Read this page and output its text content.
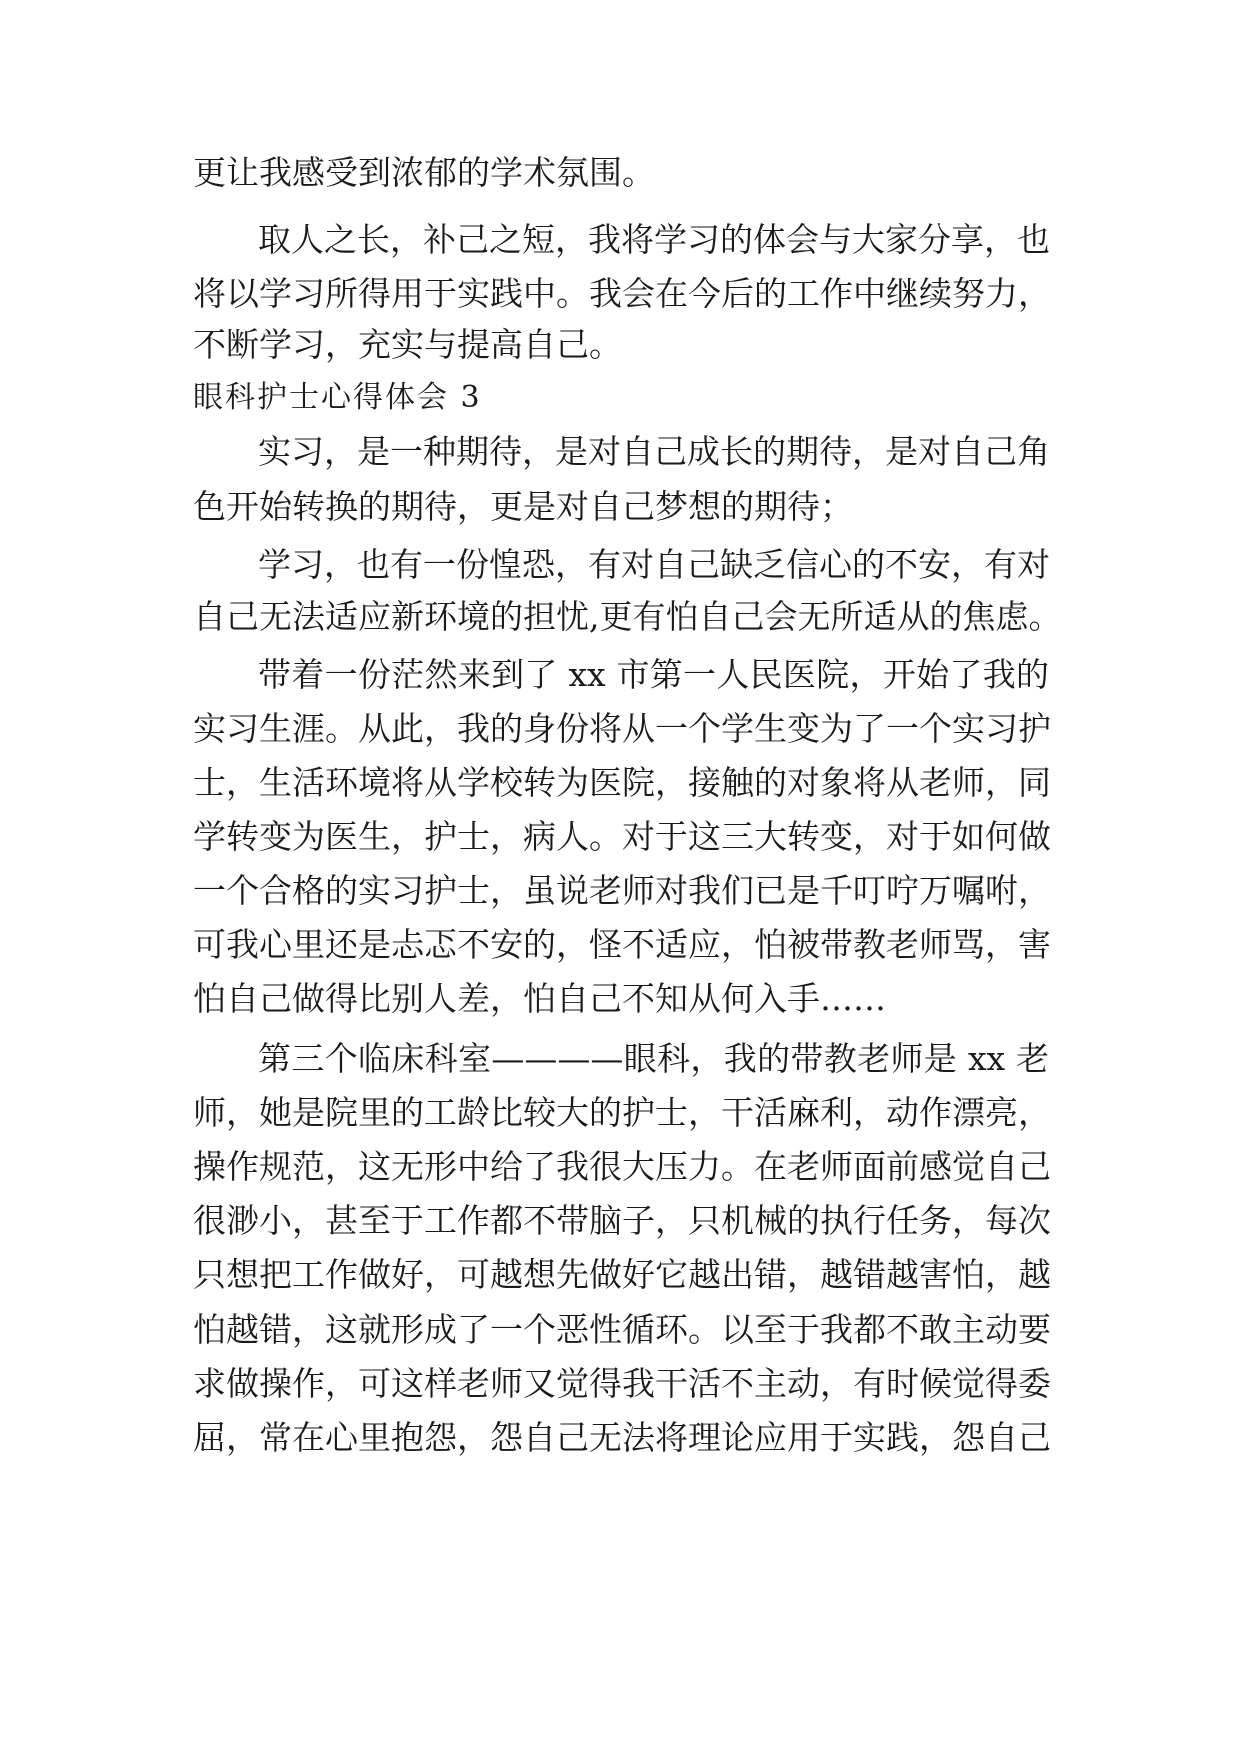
更让我感受到浓郁的学术氛围。
取人之长，补己之短，我将学习的体会与大家分享，也
将以学习所得用于实践中。我会在今后的工作中继续努力，
不断学习，充实与提高自己。
眼科护士心得体会 3
实习，是一种期待，是对自己成长的期待，是对自己角
色开始转换的期待，更是对自己梦想的期待；
学习，也有一份惶恐，有对自己缺乏信心的不安，有对
自己无法适应新环境的担忧,更有怕自己会无所适从的焦虑。
带着一份茫然来到了 xx 市第一人民医院，开始了我的
实习生涯。从此，我的身份将从一个学生变为了一个实习护
士，生活环境将从学校转为医院，接触的对象将从老师，同
学转变为医生，护士，病人。对于这三大转变，对于如何做
一个合格的实习护士，虽说老师对我们已是千叮咛万嘱咐，
可我心里还是忐忑不安的，怪不适应，怕被带教老师骂，害
怕自己做得比别人差，怕自己不知从何入手……
第三个临床科室————眼科，我的带教老师是 xx 老
师，她是院里的工龄比较大的护士，干活麻利，动作漂亮，
操作规范，这无形中给了我很大压力。在老师面前感觉自己
很渺小，甚至于工作都不带脑子，只机械的执行任务，每次
只想把工作做好，可越想先做好它越出错，越错越害怕，越
怕越错，这就形成了一个恶性循环。以至于我都不敢主动要
求做操作，可这样老师又觉得我干活不主动，有时候觉得委
屈，常在心里抱怨，怨自己无法将理论应用于实践，怨自己
